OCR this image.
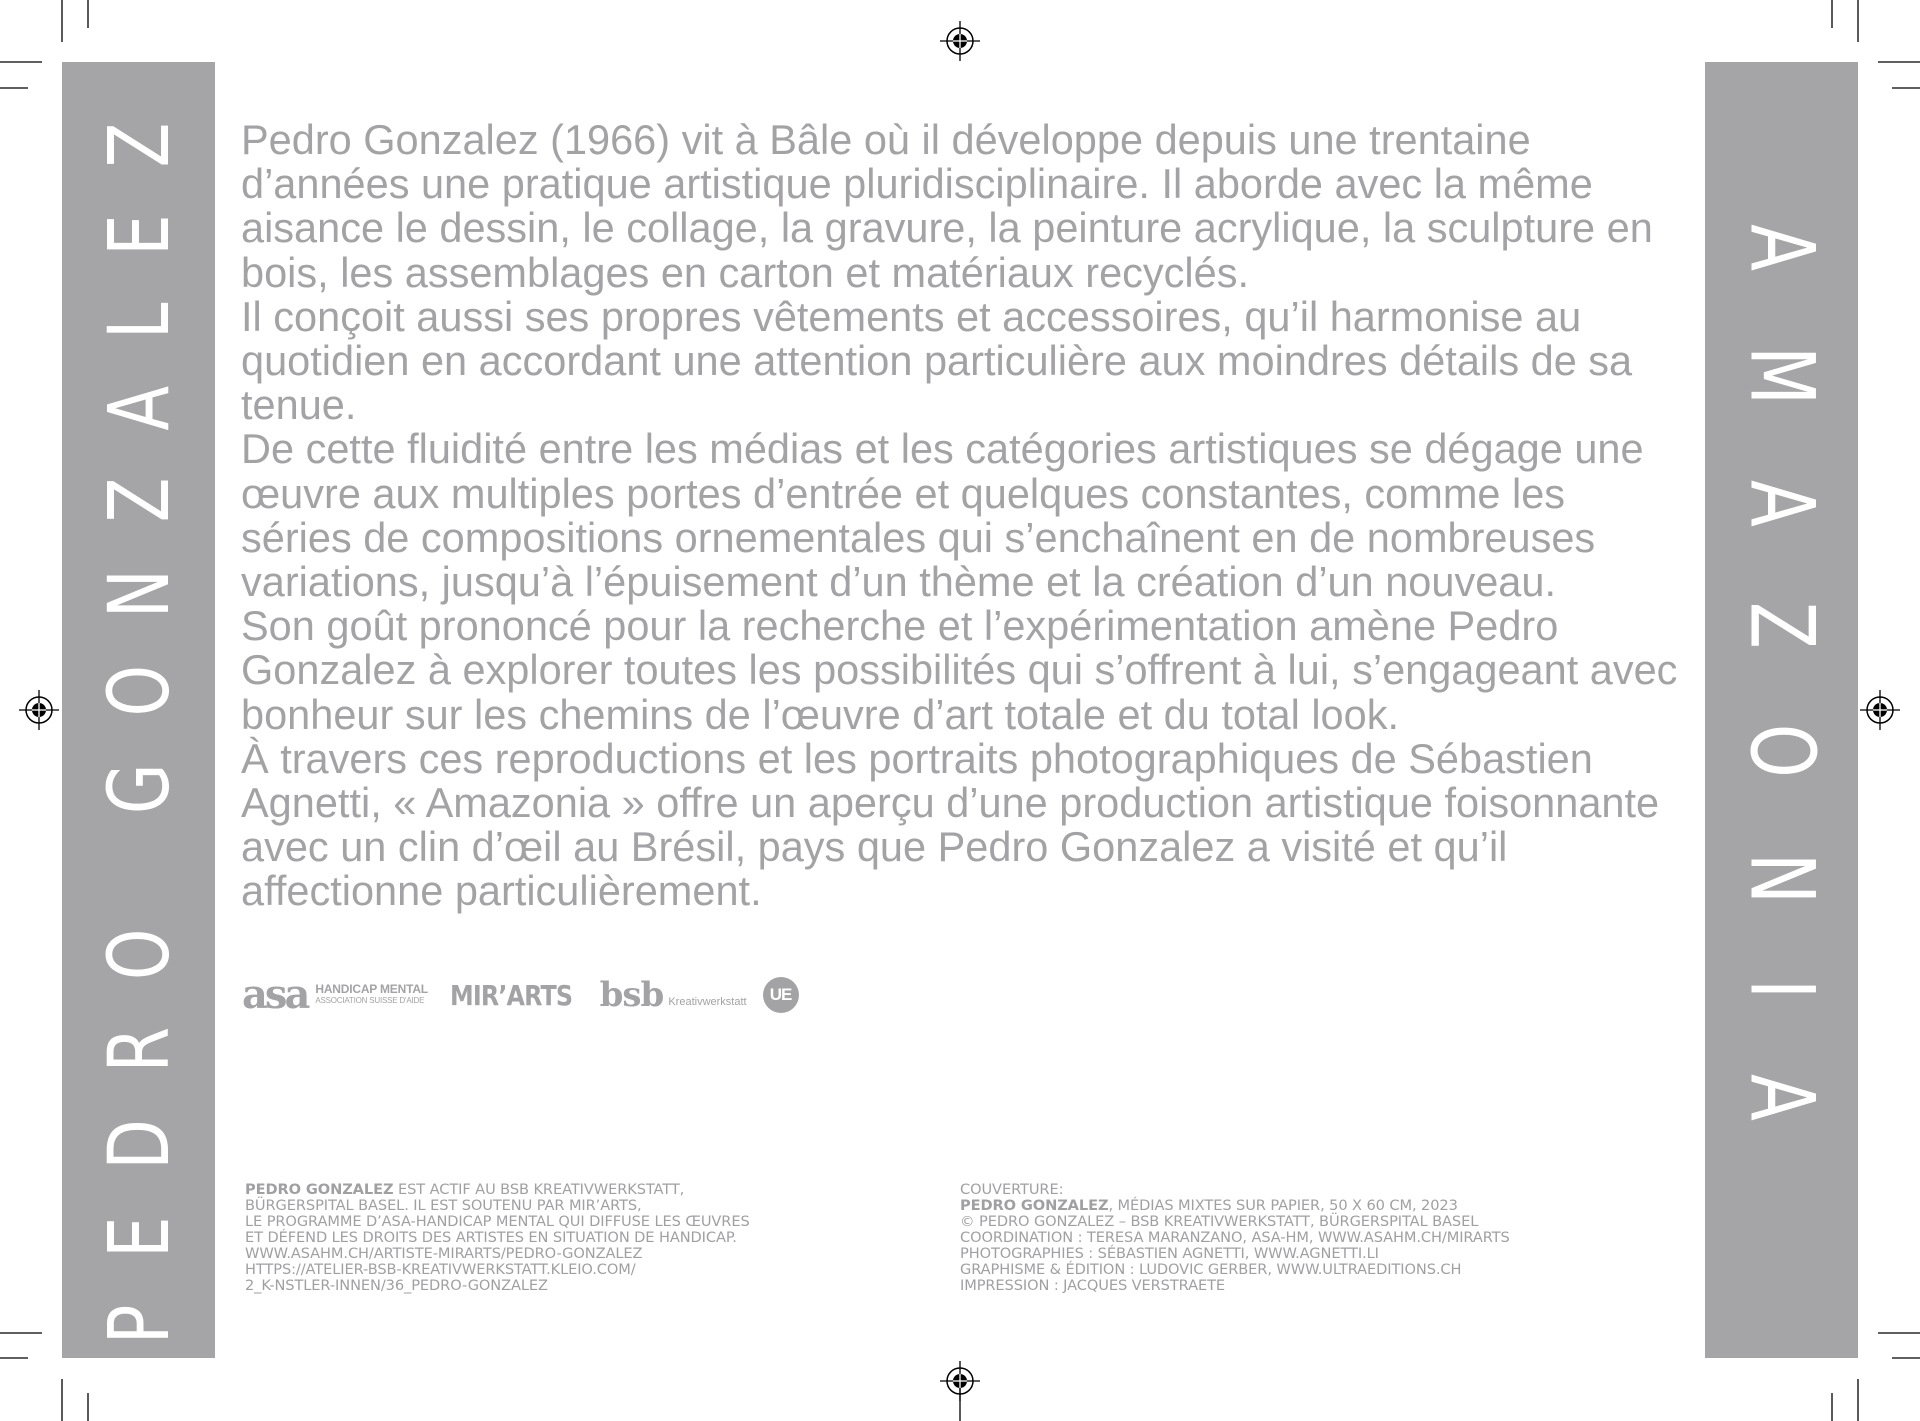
PEDRO GONZALEZ	AMAZONIA

Pedro Gonzalez (1966) vit à Bâle où il développe depuis une trentaine d’années une pratique artistique pluridisciplinaire. Il aborde avec la même aisance le dessin, le collage, la gravure, la peinture acrylique, la sculpture en bois, les assemblages en carton et matériaux recyclés.

Il conçoit aussi ses propres vêtements et accessoires, qu’il harmonise au quotidien en accordant une attention particulière aux moindres détails de sa tenue.

De cette fluidité entre les médias et les catégories artistiques se dégage une œuvre aux multiples portes d’entrée et quelques constantes, comme les séries de compositions ornementales qui s’enchaînent en de nombreuses variations, jusqu’à l’épuisement d’un thème et la création d’un nouveau.

Son goût prononcé pour la recherche et l’expérimentation amène Pedro Gonzalez à explorer toutes les possibilités qui s’offrent à lui, s’engageant avec bonheur sur les chemins de l’œuvre d’art totale et du total look.

À travers ces reproductions et les portraits photographiques de Sébastien Agnetti, « Amazonia » offre un aperçu d’une production artistique foisonnante avec un clin d’œil au Brésil, pays que Pedro Gonzalez a visité et qu’il affectionne particulièrement.

asa HANDICAP MENTAL
ASSOCIATION SUISSE D'AIDE MIR’ARTS bsb Kreativwerkstatt	UE
PEDRO GONZALEZ EST ACTIF AU BSB KREATIVWERKSTATT,
BÜRGERSPITAL BASEL. IL EST SOUTENU PAR MIR’ARTS,
LE PROGRAMME D’ASA-HANDICAP MENTAL QUI DIFFUSE LES ŒUVRES
ET DÉFEND LES DROITS DES ARTISTES EN SITUATION DE HANDICAP.
WWW.ASAHM.CH/ARTISTE-MIRARTS/PEDRO-GONZALEZ
HTTPS://ATELIER-BSB-KREATIVWERKSTATT.KLEIO.COM/
2_K-NSTLER-INNEN/36_PEDRO-GONZALEZ
COUVERTURE:
PEDRO GONZALEZ, MÉDIAS MIXTES SUR PAPIER, 50 X 60 CM, 2023
© PEDRO GONZALEZ – BSB KREATIVWERKSTATT, BÜRGERSPITAL BASEL
COORDINATION : TERESA MARANZANO, ASA-HM, WWW.ASAHM.CH/MIRARTS
PHOTOGRAPHIES : SÉBASTIEN AGNETTI, WWW.AGNETTI.LI
GRAPHISME & ÉDITION : LUDOVIC GERBER, WWW.ULTRAEDITIONS.CH
IMPRESSION : JACQUES VERSTRAETE
